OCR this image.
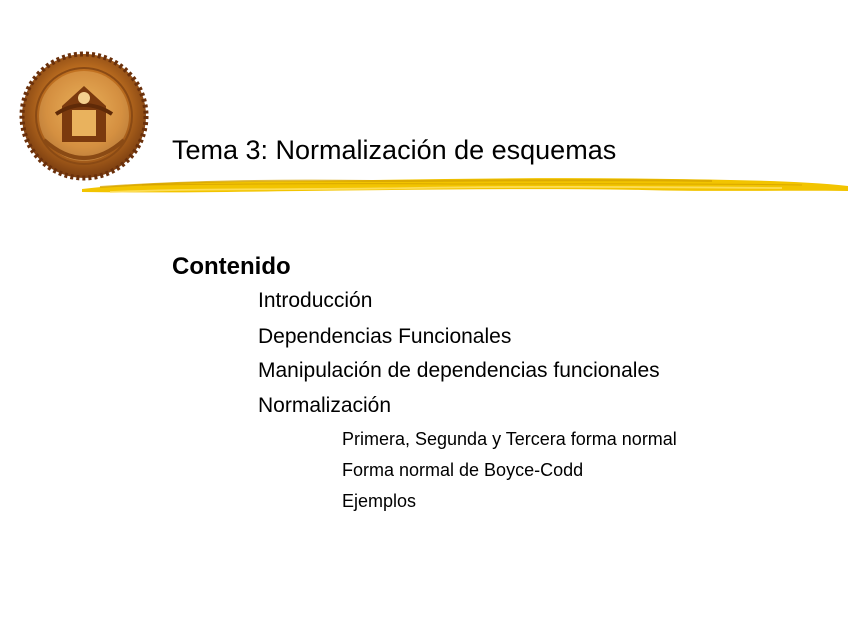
Tema 3: Normalización de esquemas
Contenido
Introducción
Dependencias Funcionales
Manipulación de dependencias funcionales
Normalización
Primera, Segunda y Tercera forma normal
Forma normal de Boyce-Codd
Ejemplos
